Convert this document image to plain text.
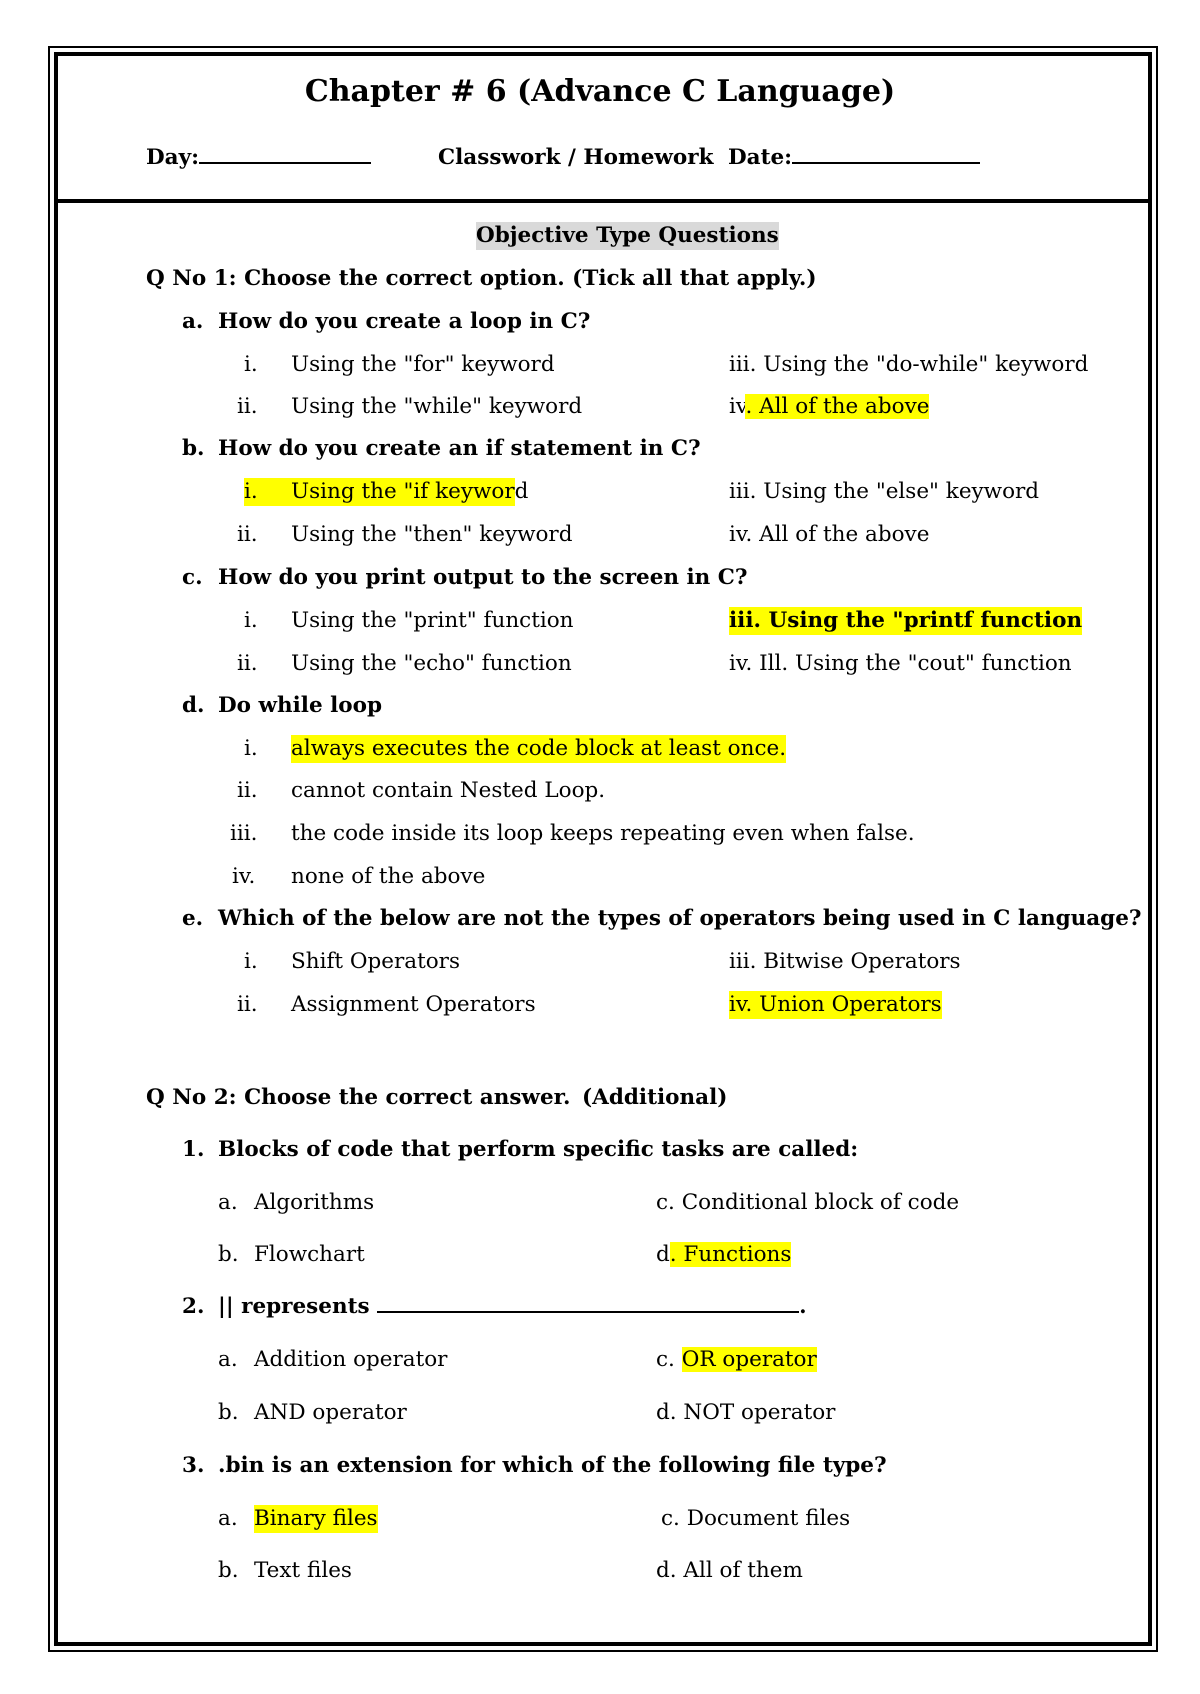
Chapter # 6 (Advance C Language)
Day:	Classwork / Homework Date:
Objective Type Questions
Q No 1: Choose the correct option. (Tick all that apply.)
a. How do you create a loop in C?
i. Using the "for" keyword
ii. Using the "while" keyword
iii. Using the "do-while" keyword
iv. All of the above
b. How do you create an if statement in C?
i. Using the "if keyword
ii. Using the "then" keyword
iii. Using the "else" keyword
iv. All of the above
c. How do you print output to the screen in C?
i. Using the "print" function
ii. Using the "echo" function
iii. Using the "printf function
iv. Ill. Using the "cout" function
d. Do while loop
i. always executes the code block at least once.
ii. cannot contain Nested Loop.
iii. the code inside its loop keeps repeating even when false.
iv. none of the above
e. Which of the below are not the types of operators being used in C language?
i. Shift Operators
ii. Assignment Operators
iii. Bitwise Operators
iv. Union Operators
Q No 2: Choose the correct answer. (Additional)
1. Blocks of code that perform specific tasks are called:
a. Algorithms
b. Flowchart
c. Conditional block of code
d. Functions
2. || represents	.
a. Addition operator
b. AND operator
c. OR operator
d. NOT operator
3. .bin is an extension for which of the following file type?
a. Binary files
b. Text files
c. Document files
d. All of them
